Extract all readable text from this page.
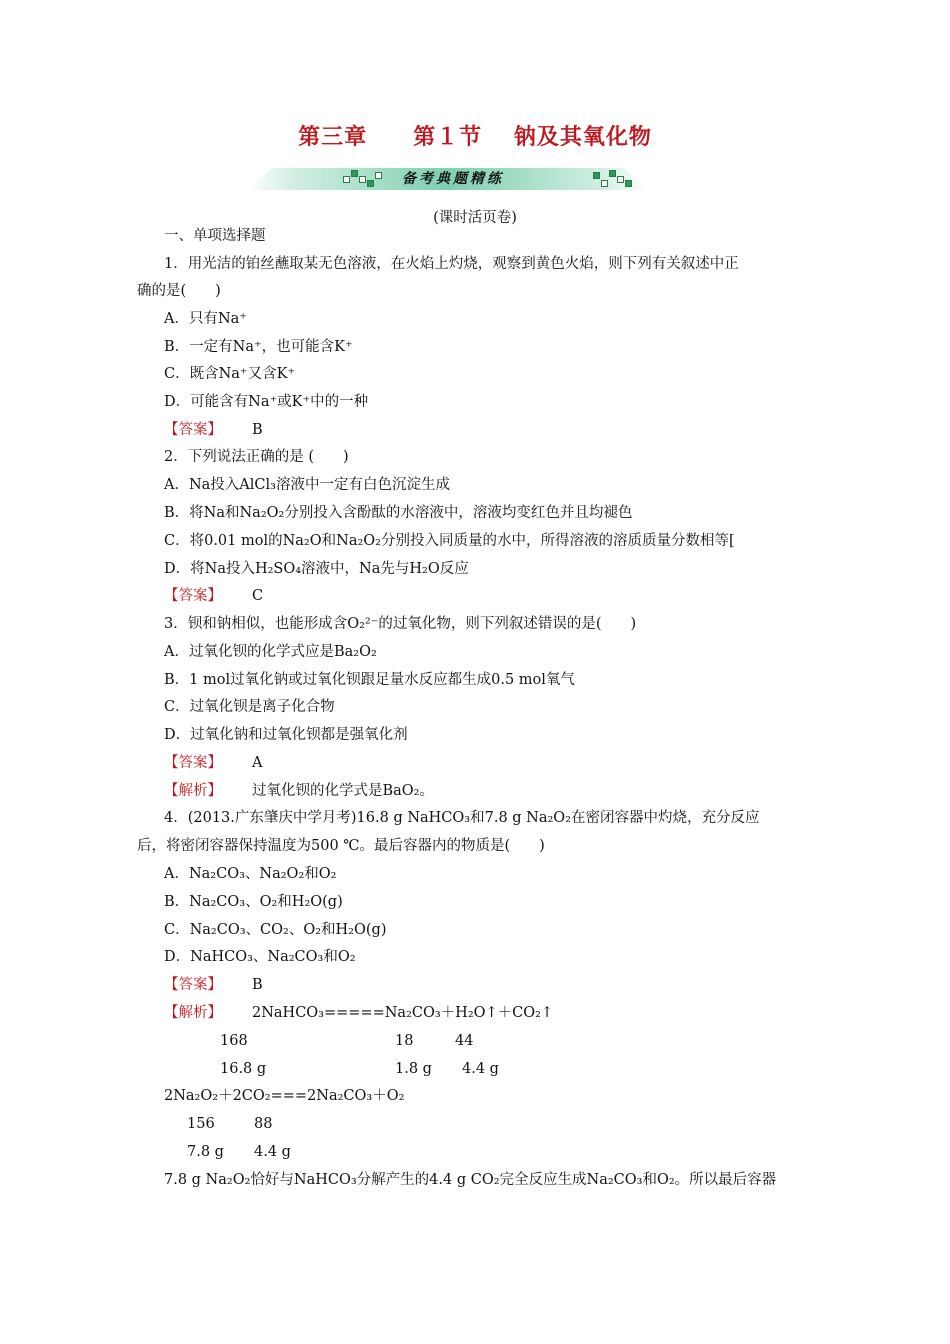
第三章　　第１节　 钠及其氧化物
备考典题精练
(课时活页卷)
一、单项选择题
1．用光洁的铂丝蘸取某无色溶液，在火焰上灼烧，观察到黄色火焰，则下列有关叙述中正
确的是(　　)
A．只有Na⁺
B．一定有Na⁺，也可能含K⁺
C．既含Na⁺又含K⁺
D．可能含有Na⁺或K⁺中的一种
【答案】 B
2．下列说法正确的是 (　　)
A．Na投入AlCl₃溶液中一定有白色沉淀生成
B．将Na和Na₂O₂分别投入含酚酞的水溶液中，溶液均变红色并且均褪色
C．将0.01 mol的Na₂O和Na₂O₂分别投入同质量的水中，所得溶液的溶质质量分数相等[
D．将Na投入H₂SO₄溶液中，Na先与H₂O反应
【答案】 C
3．钡和钠相似，也能形成含O₂²⁻的过氧化物，则下列叙述错误的是(　　)
A．过氧化钡的化学式应是Ba₂O₂
B．1 mol过氧化钠或过氧化钡跟足量水反应都生成0.5 mol氧气
C．过氧化钡是离子化合物
D．过氧化钠和过氧化钡都是强氧化剂
【答案】 A
【解析】 过氧化钡的化学式是BaO₂。
4．(2013.广东肇庆中学月考)16.8 g NaHCO₃和7.8 g Na₂O₂在密闭容器中灼烧，充分反应
后，将密闭容器保持温度为500 ℃。最后容器内的物质是(　　)
A．Na₂CO₃、Na₂O₂和O₂
B．Na₂CO₃、O₂和H₂O(g)
C．Na₂CO₃、CO₂、O₂和H₂O(g)
D．NaHCO₃、Na₂CO₃和O₂
【答案】 B
【解析】 2NaHCO₃=====Na₂CO₃＋H₂O↑＋CO₂↑
168	18	44
16.8 g	1.8 g 4.4 g
2Na₂O₂＋2CO₂===2Na₂CO₃＋O₂
156	88
7.8 g 4.4 g
7.8 g Na₂O₂恰好与NaHCO₃分解产生的4.4 g CO₂完全反应生成Na₂CO₃和O₂。所以最后容器
